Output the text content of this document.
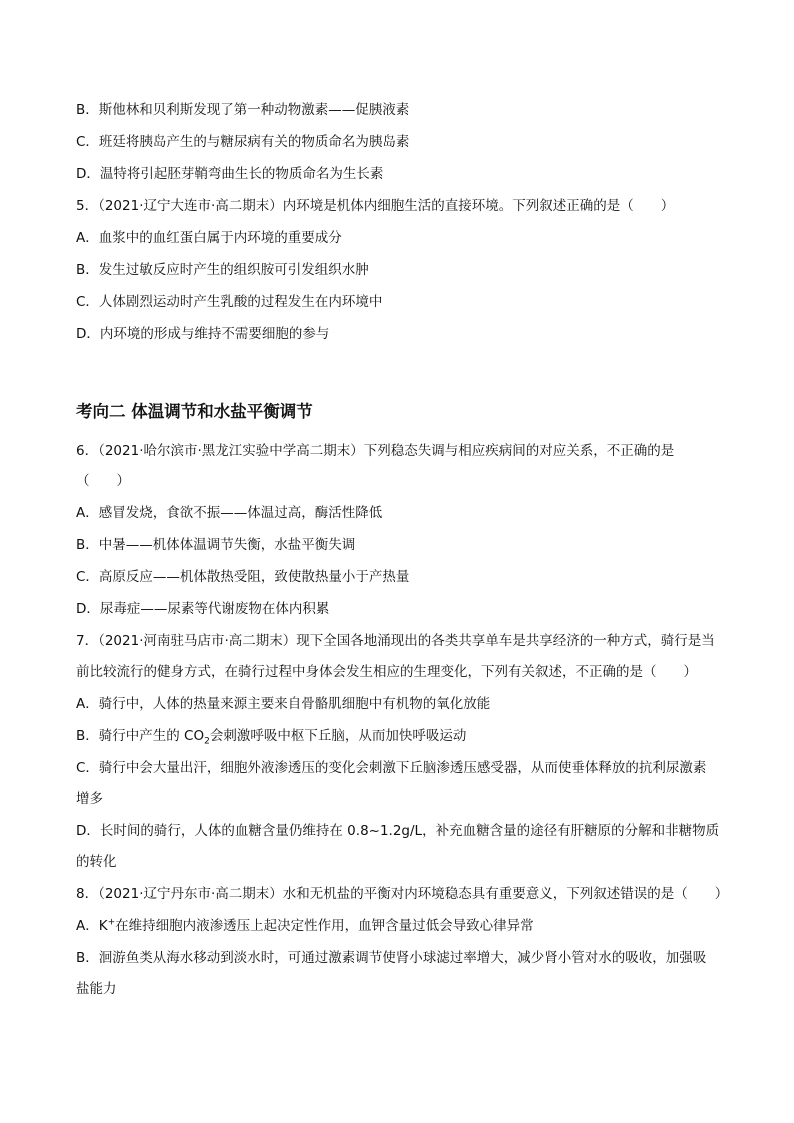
B．斯他林和贝利斯发现了第一种动物激素——促胰液素
C．班廷将胰岛产生的与糖尿病有关的物质命名为胰岛素
D．温特将引起胚芽鞘弯曲生长的物质命名为生长素
5．（2021·辽宁大连市·高二期末）内环境是机体内细胞生活的直接环境。下列叙述正确的是（　　）
A．血浆中的血红蛋白属于内环境的重要成分
B．发生过敏反应时产生的组织胺可引发组织水肿
C．人体剧烈运动时产生乳酸的过程发生在内环境中
D．内环境的形成与维持不需要细胞的参与
考向二 体温调节和水盐平衡调节
6．（2021·哈尔滨市·黑龙江实验中学高二期末）下列稳态失调与相应疾病间的对应关系，不正确的是
（　　）
A．感冒发烧，食欲不振——体温过高，酶活性降低
B．中暑——机体体温调节失衡，水盐平衡失调
C．高原反应——机体散热受阻，致使散热量小于产热量
D．尿毒症——尿素等代谢废物在体内积累
7．（2021·河南驻马店市·高二期末）现下全国各地涌现出的各类共享单车是共享经济的一种方式，骑行是当
前比较流行的健身方式，在骑行过程中身体会发生相应的生理变化，下列有关叙述，不正确的是（　　）
A．骑行中，人体的热量来源主要来自骨骼肌细胞中有机物的氧化放能
B．骑行中产生的 $CO_2$会刺激呼吸中枢下丘脑，从而加快呼吸运动
C．骑行中会大量出汗，细胞外液渗透压的变化会刺激下丘脑渗透压感受器，从而使垂体释放的抗利尿激素
增多
D．长时间的骑行，人体的血糖含量仍维持在 0.8~1.2g/L，补充血糖含量的途径有肝糖原的分解和非糖物质
的转化
8．（2021·辽宁丹东市·高二期末）水和无机盐的平衡对内环境稳态具有重要意义，下列叙述错误的是（　　）
A．K+在维持细胞内液渗透压上起决定性作用，血钾含量过低会导致心律异常
B．洄游鱼类从海水移动到淡水时，可通过激素调节使肾小球滤过率增大，减少肾小管对水的吸收，加强吸
盐能力
